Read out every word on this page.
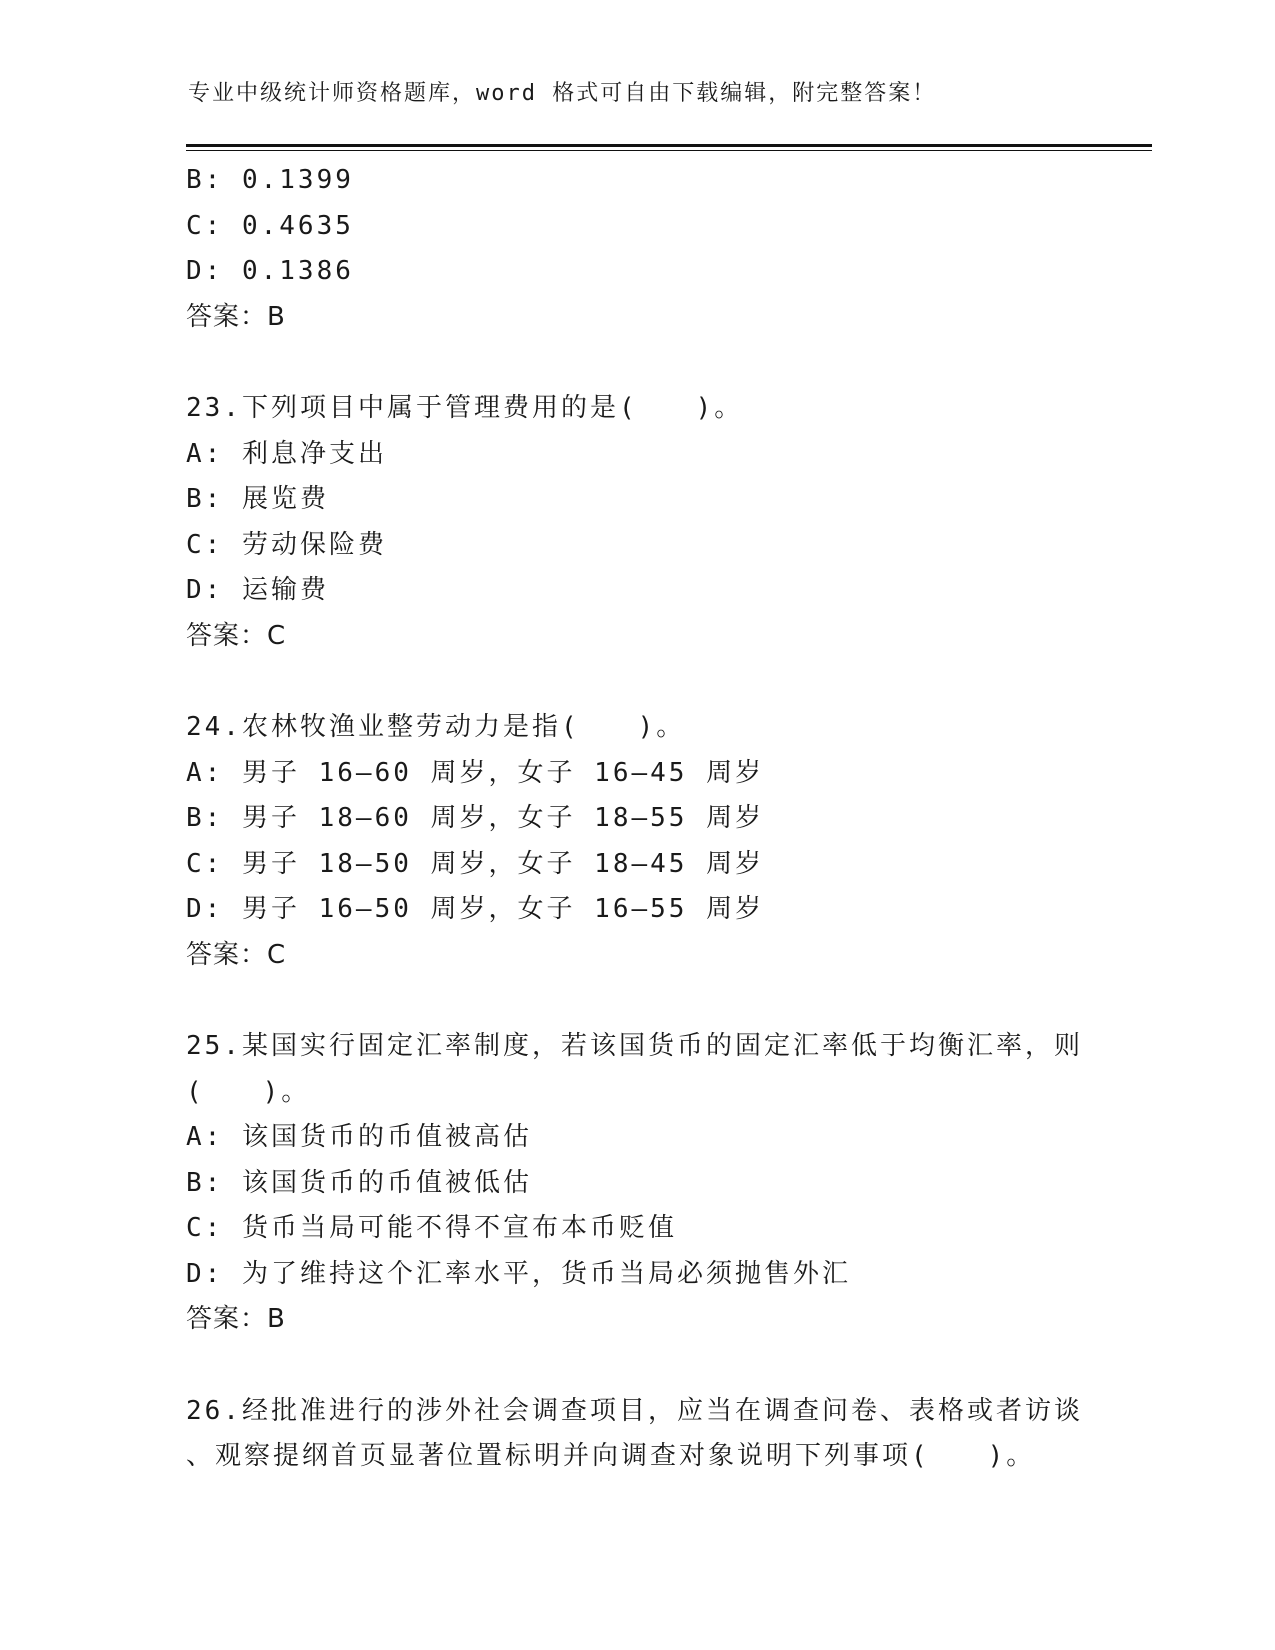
专业中级统计师资格题库，word 格式可自由下载编辑，附完整答案！
B: 0.1399
C: 0.4635
D: 0.1386
答案：B
23.下列项目中属于管理费用的是(　　)。
A: 利息净支出
B: 展览费
C: 劳动保险费
D: 运输费
答案：C
24.农林牧渔业整劳动力是指(　　)。
A: 男子 16—60 周岁，女子 16—45 周岁
B: 男子 18—60 周岁，女子 18—55 周岁
C: 男子 18—50 周岁，女子 18—45 周岁
D: 男子 16—50 周岁，女子 16—55 周岁
答案：C
25.某国实行固定汇率制度，若该国货币的固定汇率低于均衡汇率，则
(　　)。
A: 该国货币的币值被高估
B: 该国货币的币值被低估
C: 货币当局可能不得不宣布本币贬值
D: 为了维持这个汇率水平，货币当局必须抛售外汇
答案：B
26.经批准进行的涉外社会调查项目，应当在调查问卷、表格或者访谈
、观察提纲首页显著位置标明并向调查对象说明下列事项(　　)。
